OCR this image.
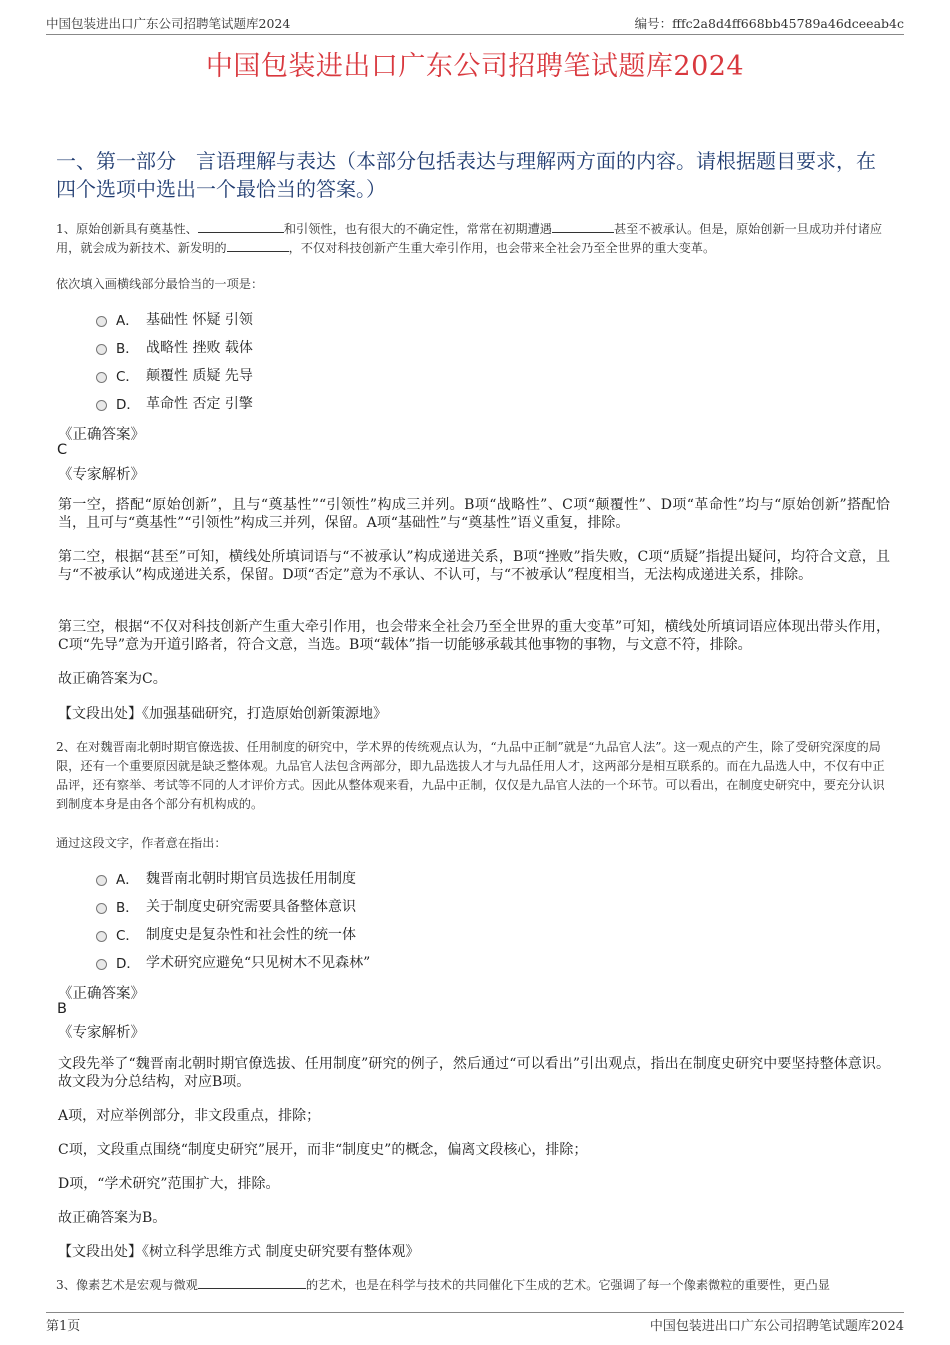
中国包装进出口广东公司招聘笔试题库2024	编号：fffc2a8d4ff668bb45789a46dceeab4c
中国包装进出口广东公司招聘笔试题库2024
一、第一部分　言语理解与表达（本部分包括表达与理解两方面的内容。请根据题目要求，在四个选项中选出一个最恰当的答案。）
1、原始创新具有奠基性、	和引领性，也有很大的不确定性，常常在初期遭遇	甚至不被承认。但是，原始创新一旦成功并付诸应用，就会成为新技术、新发明的	，不仅对科技创新产生重大牵引作用，也会带来全社会乃至全世界的重大变革。
依次填入画横线部分最恰当的一项是：
A． 基础性 怀疑 引领
B． 战略性 挫败 载体
C． 颠覆性 质疑 先导
D． 革命性 否定 引擎
《正确答案》
C
《专家解析》
第一空，搭配“原始创新”，且与“奠基性”“引领性”构成三并列。B项“战略性”、C项“颠覆性”、D项“革命性”均与“原始创新”搭配恰当，且可与“奠基性”“引领性”构成三并列，保留。A项“基础性”与“奠基性”语义重复，排除。
第二空，根据“甚至”可知，横线处所填词语与“不被承认”构成递进关系，B项“挫败”指失败，C项“质疑”指提出疑问，均符合文意，且与“不被承认”构成递进关系，保留。D项“否定”意为不承认、不认可，与“不被承认”程度相当，无法构成递进关系，排除。
第三空，根据“不仅对科技创新产生重大牵引作用，也会带来全社会乃至全世界的重大变革”可知，横线处所填词语应体现出带头作用，C项“先导”意为开道引路者，符合文意，当选。B项“载体”指一切能够承载其他事物的事物，与文意不符，排除。
故正确答案为C。
【文段出处】《加强基础研究，打造原始创新策源地》
2、在对魏晋南北朝时期官僚选拔、任用制度的研究中，学术界的传统观点认为，“九品中正制”就是“九品官人法”。这一观点的产生，除了受研究深度的局限，还有一个重要原因就是缺乏整体观。九品官人法包含两部分，即九品选拔人才与九品任用人才，这两部分是相互联系的。而在九品选人中，不仅有中正品评，还有察举、考试等不同的人才评价方式。因此从整体观来看，九品中正制，仅仅是九品官人法的一个环节。可以看出，在制度史研究中，要充分认识到制度本身是由各个部分有机构成的。
通过这段文字，作者意在指出：
A． 魏晋南北朝时期官员选拔任用制度
B． 关于制度史研究需要具备整体意识
C． 制度史是复杂性和社会性的统一体
D． 学术研究应避免“只见树木不见森林”
《正确答案》
B
《专家解析》
文段先举了“魏晋南北朝时期官僚选拔、任用制度”研究的例子，然后通过“可以看出”引出观点，指出在制度史研究中要坚持整体意识。故文段为分总结构，对应B项。
A项，对应举例部分，非文段重点，排除；
C项，文段重点围绕“制度史研究”展开，而非“制度史”的概念，偏离文段核心，排除；
D项，“学术研究”范围扩大，排除。
故正确答案为B。
【文段出处】《树立科学思维方式 制度史研究要有整体观》
3、像素艺术是宏观与微观	的艺术，也是在科学与技术的共同催化下生成的艺术。它强调了每一个像素微粒的重要性，更凸显
第1页	中国包装进出口广东公司招聘笔试题库2024
